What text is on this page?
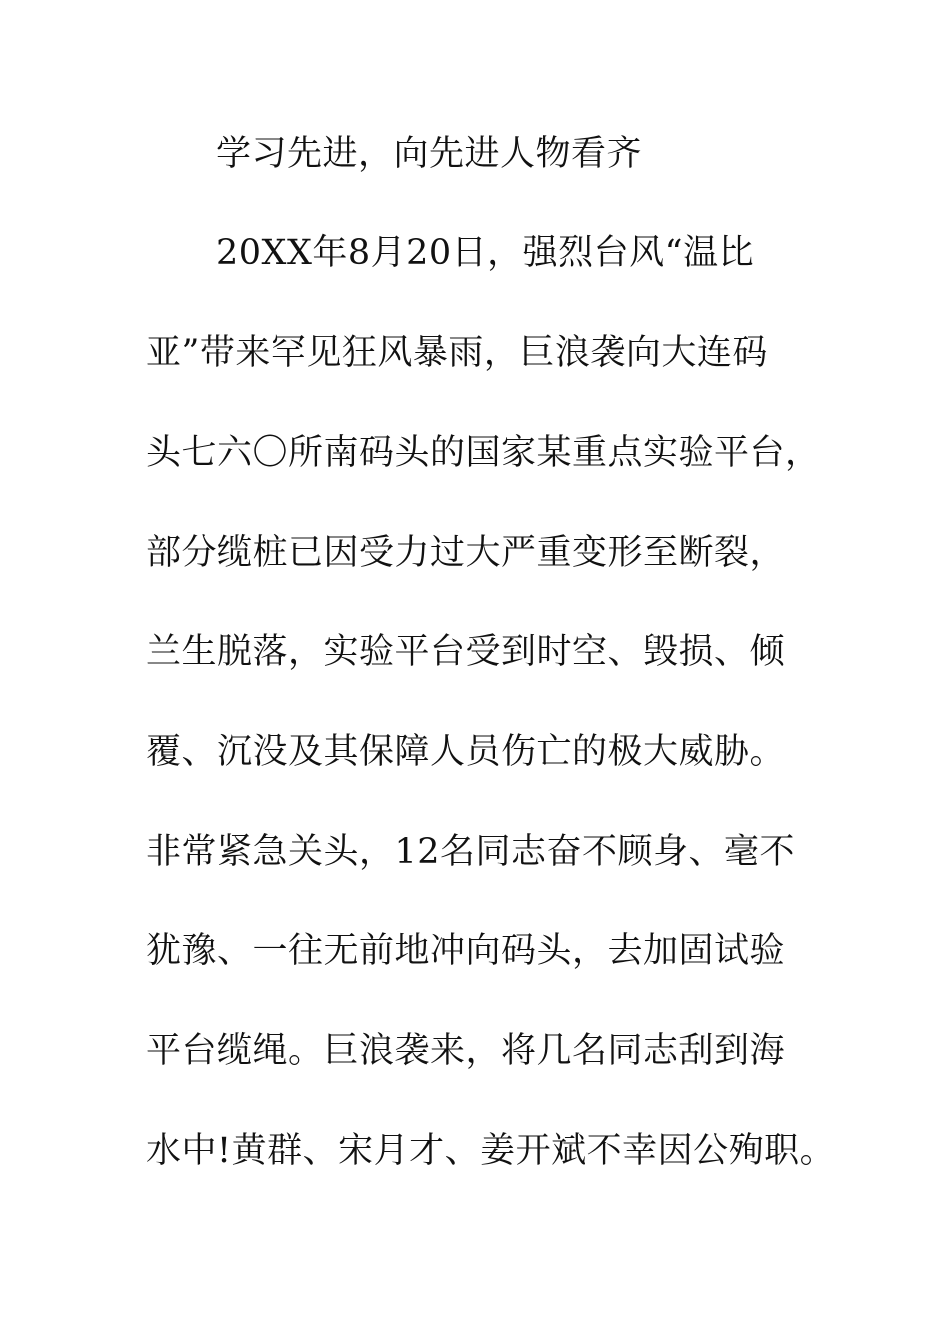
学习先进，向先进人物看齐
20XX年8月20日，强烈台风“温比
亚”带来罕见狂风暴雨，巨浪袭向大连码
头七六〇所南码头的国家某重点实验平台，
部分缆桩已因受力过大严重变形至断裂，
兰生脱落，实验平台受到时空、毁损、倾
覆、沉没及其保障人员伤亡的极大威胁。
非常紧急关头，12名同志奋不顾身、毫不
犹豫、一往无前地冲向码头，去加固试验
平台缆绳。巨浪袭来，将几名同志刮到海
水中!黄群、宋月才、姜开斌不幸因公殉职。
